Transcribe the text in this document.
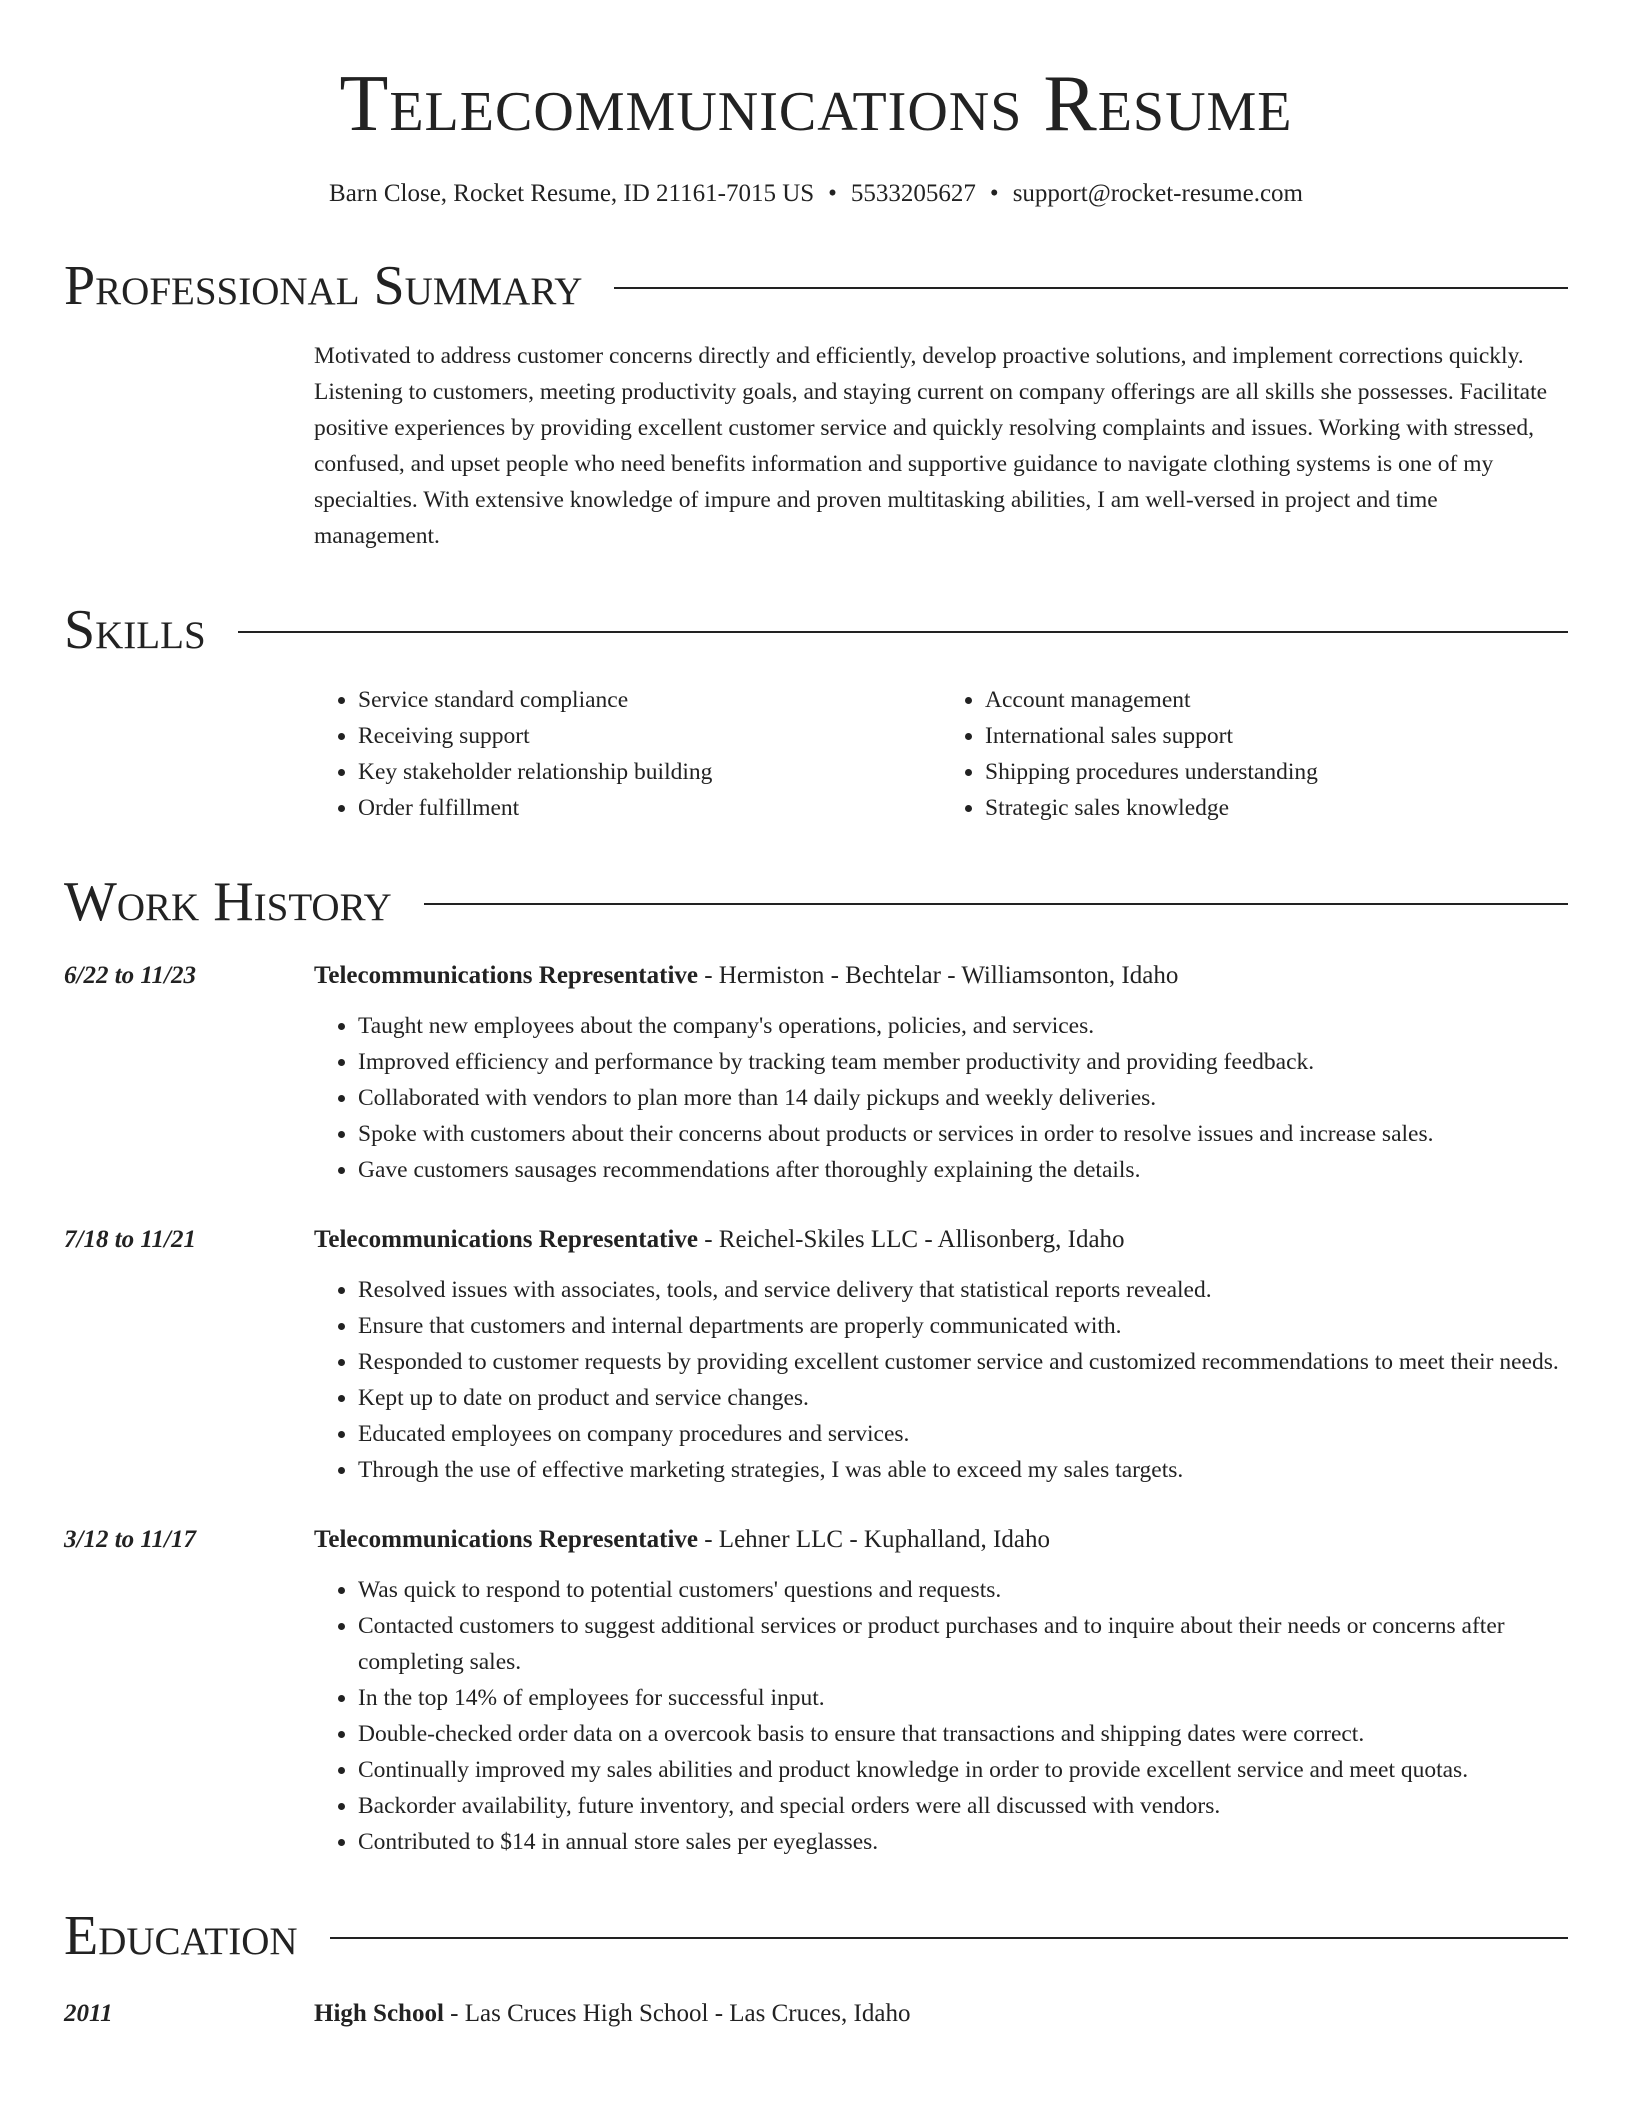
Telecommunications Resume
Barn Close, Rocket Resume, ID 21161-7015 US • 5533205627 • support@rocket-resume.com
Professional Summary
Motivated to address customer concerns directly and efficiently, develop proactive solutions, and implement corrections quickly. Listening to customers, meeting productivity goals, and staying current on company offerings are all skills she possesses. Facilitate positive experiences by providing excellent customer service and quickly resolving complaints and issues. Working with stressed, confused, and upset people who need benefits information and supportive guidance to navigate clothing systems is one of my specialties. With extensive knowledge of impure and proven multitasking abilities, I am well-versed in project and time management.
Skills
• Service standard compliance
• Receiving support
• Key stakeholder relationship building
• Order fulfillment
• Account management
• International sales support
• Shipping procedures understanding
• Strategic sales knowledge
Work History
6/22 to 11/23	Telecommunications Representative - Hermiston - Bechtelar - Williamsonton, Idaho
• Taught new employees about the company's operations, policies, and services.
• Improved efficiency and performance by tracking team member productivity and providing feedback.
• Collaborated with vendors to plan more than 14 daily pickups and weekly deliveries.
• Spoke with customers about their concerns about products or services in order to resolve issues and increase sales.
• Gave customers sausages recommendations after thoroughly explaining the details.
7/18 to 11/21	Telecommunications Representative - Reichel-Skiles LLC - Allisonberg, Idaho
• Resolved issues with associates, tools, and service delivery that statistical reports revealed.
• Ensure that customers and internal departments are properly communicated with.
• Responded to customer requests by providing excellent customer service and customized recommendations to meet their needs.
• Kept up to date on product and service changes.
• Educated employees on company procedures and services.
• Through the use of effective marketing strategies, I was able to exceed my sales targets.
3/12 to 11/17	Telecommunications Representative - Lehner LLC - Kuphalland, Idaho
• Was quick to respond to potential customers' questions and requests.
• Contacted customers to suggest additional services or product purchases and to inquire about their needs or concerns after completing sales.
• In the top 14% of employees for successful input.
• Double-checked order data on a overcook basis to ensure that transactions and shipping dates were correct.
• Continually improved my sales abilities and product knowledge in order to provide excellent service and meet quotas.
• Backorder availability, future inventory, and special orders were all discussed with vendors.
• Contributed to $14 in annual store sales per eyeglasses.
Education
2011	High School - Las Cruces High School - Las Cruces, Idaho
